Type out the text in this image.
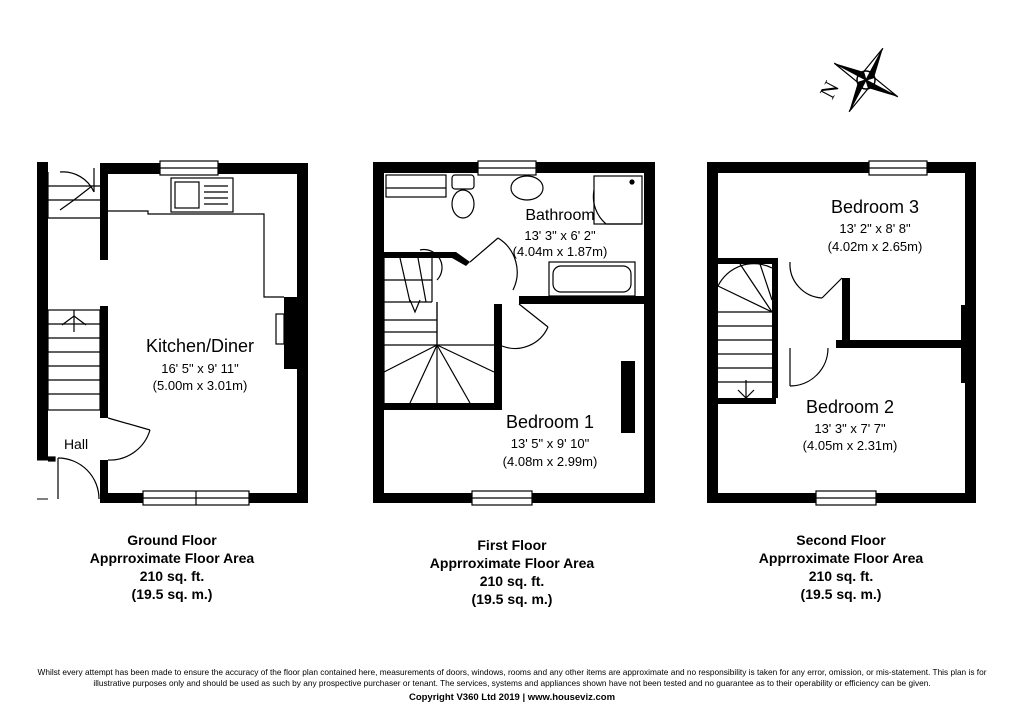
N
Kitchen/Diner
16' 5" x 9' 11"
(5.00m x 3.01m)
Hall
Bathroom
13' 3" x 6' 2"
(4.04m x 1.87m)
Bedroom 1
13' 5" x 9' 10"
(4.08m x 2.99m)
Bedroom 3
13' 2" x 8' 8"
(4.02m x 2.65m)
Bedroom 2
13' 3" x 7' 7"
(4.05m x 2.31m)
Ground Floor
Apprroximate Floor Area
210 sq. ft.
(19.5 sq. m.)
First Floor
Apprroximate Floor Area
210 sq. ft.
(19.5 sq. m.)
Second Floor
Apprroximate Floor Area
210 sq. ft.
(19.5 sq. m.)
Whilst every attempt has been made to ensure the accuracy of the floor plan contained here, measurements of doors, windows, rooms and any other items are approximate and no responsibility is taken for any error, omission, or mis-statement. This plan is for illustrative purposes only and should be used as such by any prospective purchaser or tenant. The services, systems and appliances shown have not been tested and no guarantee as to their operability or efficiency can be given.
Copyright V360 Ltd 2019 | www.houseviz.com
